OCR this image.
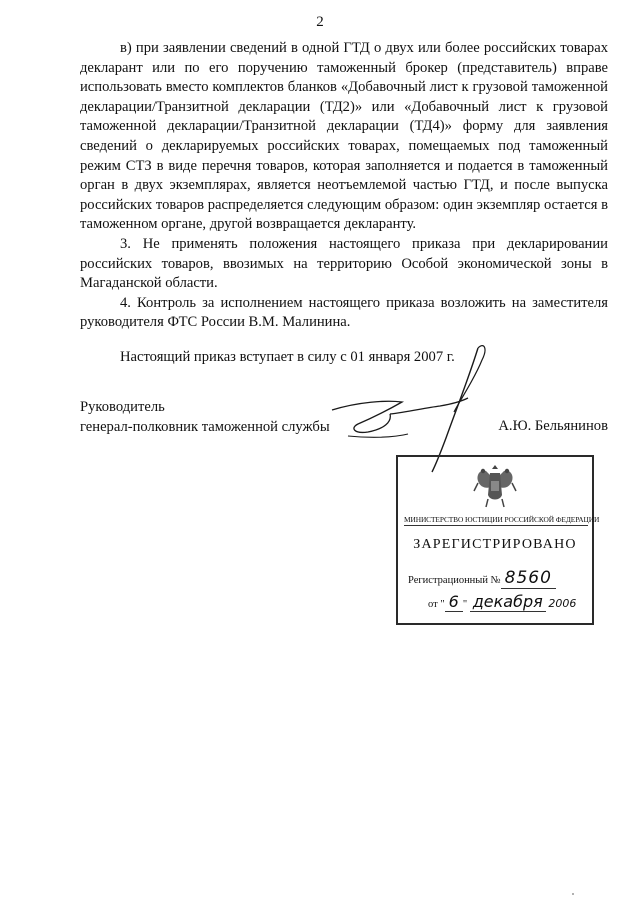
2

в) при заявлении сведений в одной ГТД о двух или более российских товарах декларант или по его поручению таможенный брокер (представитель) вправе использовать вместо комплектов бланков «Добавочный лист к грузовой таможенной декларации/Транзитной декларации (ТД2)» или «Добавочный лист к грузовой таможенной декларации/Транзитной декларации (ТД4)» форму для заявления сведений о декларируемых российских товарах, помещаемых под таможенный режим СТЗ в виде перечня товаров, которая заполняется и подается в таможенный орган в двух экземплярах, является неотъемлемой частью ГТД, и после выпуска российских товаров распределяется следующим образом: один экземпляр остается в таможенном органе, другой возвращается декларанту.

3. Не применять положения настоящего приказа при декларировании российских товаров, ввозимых на территорию Особой экономической зоны в Магаданской области.

4. Контроль за исполнением настоящего приказа возложить на заместителя руководителя ФТС России В.М. Малинина.

Настоящий приказ вступает в силу с 01 января 2007 г.

Руководитель
генерал-полковник таможенной службы	А.Ю. Бельянинов
МИНИСТЕРСТВО ЮСТИЦИИ РОССИЙСКОЙ ФЕДЕРАЦИИ
ЗАРЕГИСТРИРОВАНО
Регистрационный № 8560
от " 6 " декабря 2006
